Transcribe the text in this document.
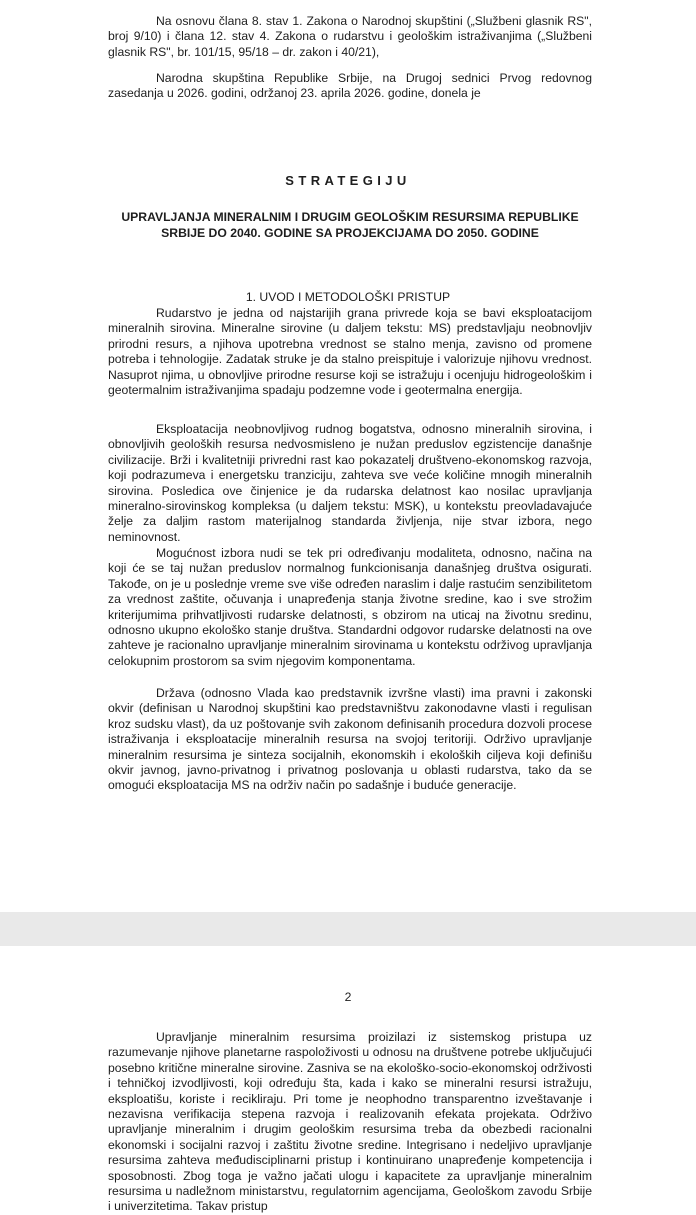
Na osnovu člana 8. stav 1. Zakona o Narodnoj skupštini („Službeni glasnik RS", broj 9/10) i člana 12. stav 4. Zakona o rudarstvu i geološkim istraživanjima („Službeni glasnik RS", br. 101/15, 95/18 – dr. zakon i 40/21),

Narodna skupština Republike Srbije, na Drugoj sednici Prvog redovnog zasedanja u 2026. godini, održanoj 23. aprila 2026. godine, donela je

STRATEGIJU
UPRAVLJANJA MINERALNIM I DRUGIM GEOLOŠKIM RESURSIMA REPUBLIKE SRBIJE DO 2040. GODINE SA PROJEKCIJAMA DO 2050. GODINE
1. UVOD I METODOLOŠKI PRISTUP

Rudarstvo je jedna od najstarijih grana privrede koja se bavi eksploatacijom mineralnih sirovina. Mineralne sirovine (u daljem tekstu: MS) predstavljaju neobnovljiv prirodni resurs, a njihova upotrebna vrednost se stalno menja, zavisno od promene potreba i tehnologije. Zadatak struke je da stalno preispituje i valorizuje njihovu vrednost. Nasuprot njima, u obnovljive prirodne resurse koji se istražuju i ocenjuju hidrogeološkim i geotermalnim istraživanjima spadaju podzemne vode i geotermalna energija.

Eksploatacija neobnovljivog rudnog bogatstva, odnosno mineralnih sirovina, i obnovljivih geoloških resursa nedvosmisleno je nužan preduslov egzistencije današnje civilizacije. Brži i kvalitetniji privredni rast kao pokazatelj društveno-ekonomskog razvoja, koji podrazumeva i energetsku tranziciju, zahteva sve veće količine mnogih mineralnih sirovina. Posledica ove činjenice je da rudarska delatnost kao nosilac upravljanja mineralno-sirovinskog kompleksa (u daljem tekstu: MSK), u kontekstu preovladavajuće želje za daljim rastom materijalnog standarda življenja, nije stvar izbora, nego neminovnost.

Mogućnost izbora nudi se tek pri određivanju modaliteta, odnosno, načina na koji će se taj nužan preduslov normalnog funkcionisanja današnjeg društva osigurati. Takođe, on je u poslednje vreme sve više određen naraslim i dalje rastućim senzibilitetom za vrednost zaštite, očuvanja i unapređenja stanja životne sredine, kao i sve strožim kriterijumima prihvatljivosti rudarske delatnosti, s obzirom na uticaj na životnu sredinu, odnosno ukupno ekološko stanje društva. Standardni odgovor rudarske delatnosti na ove zahteve je racionalno upravljanje mineralnim sirovinama u kontekstu održivog upravljanja celokupnim prostorom sa svim njegovim komponentama.

Država (odnosno Vlada kao predstavnik izvršne vlasti) ima pravni i zakonski okvir (definisan u Narodnoj skupštini kao predstavništvu zakonodavne vlasti i regulisan kroz sudsku vlast), da uz poštovanje svih zakonom definisanih procedura dozvoli procese istraživanja i eksploatacije mineralnih resursa na svojoj teritoriji. Održivo upravljanje mineralnim resursima je sinteza socijalnih, ekonomskih i ekoloških ciljeva koji definišu okvir javnog, javno-privatnog i privatnog poslovanja u oblasti rudarstva, tako da se omogući eksploatacija MS na održiv način po sadašnje i buduće generacije.

2

Upravljanje mineralnim resursima proizilazi iz sistemskog pristupa uz razumevanje njihove planetarne raspoloživosti u odnosu na društvene potrebe uključujući posebno kritične mineralne sirovine. Zasniva se na ekološko-socio-ekonomskoj održivosti i tehničkoj izvodljivosti, koji određuju šta, kada i kako se mineralni resursi istražuju, eksploatišu, koriste i recikliraju. Pri tome je neophodno transparentno izveštavanje i nezavisna verifikacija stepena razvoja i realizovanih efekata projekata. Održivo upravljanje mineralnim i drugim geološkim resursima treba da obezbedi racionalni ekonomski i socijalni razvoj i zaštitu životne sredine. Integrisano i nedeljivo upravljanje resursima zahteva međudisciplinarni pristup i kontinuirano unapređenje kompetencija i sposobnosti. Zbog toga je važno jačati ulogu i kapacitete za upravljanje mineralnim resursima u nadležnom ministarstvu, regulatornim agencijama, Geološkom zavodu Srbije i univerzitetima. Takav pristup
